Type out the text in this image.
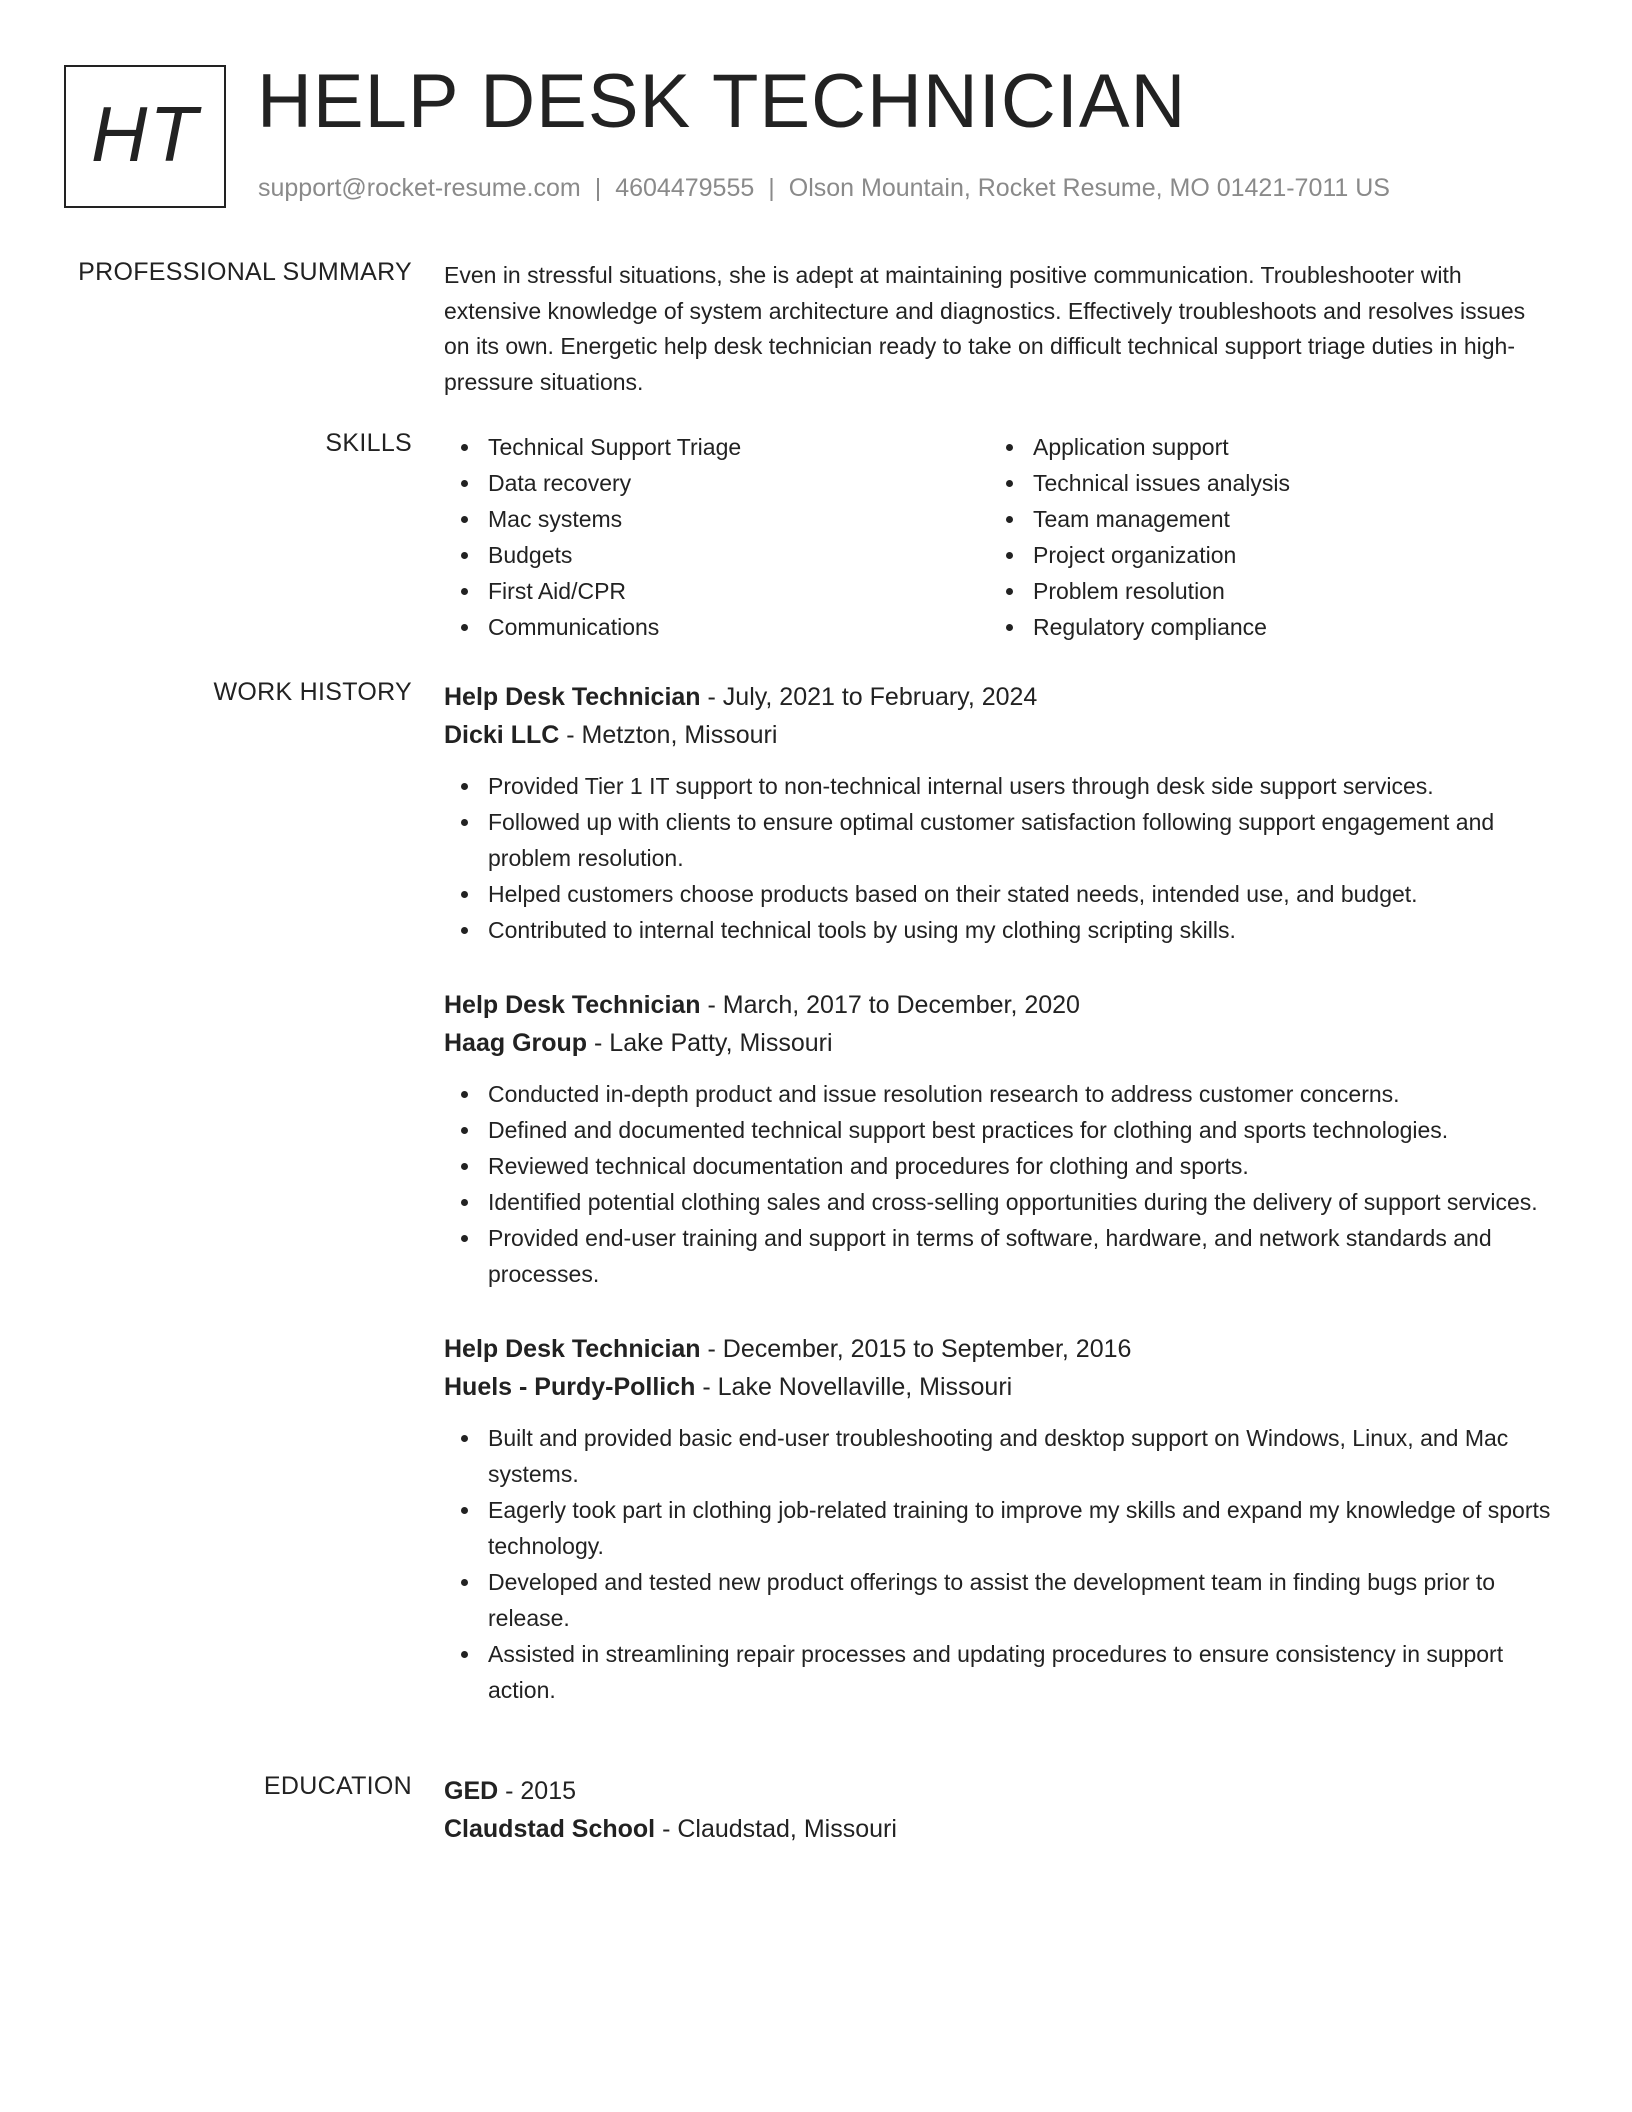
HT HELP DESK TECHNICIAN
support@rocket-resume.com | 4604479555 | Olson Mountain, Rocket Resume, MO 01421-7011 US
PROFESSIONAL SUMMARY Even in stressful situations, she is adept at maintaining positive communication. Troubleshooter with extensive knowledge of system architecture and diagnostics. Effectively troubleshoots and resolves issues on its own. Energetic help desk technician ready to take on difficult technical support triage duties in high-pressure situations.
SKILLS	Technical Support Triage
Data recovery
Mac systems
Budgets
First Aid/CPR
Communications
Application support
Technical issues analysis
Team management
Project organization
Problem resolution
Regulatory compliance
WORK HISTORY Help Desk Technician - July, 2021 to February, 2024
Dicki LLC - Metzton, Missouri
Provided Tier 1 IT support to non-technical internal users through desk side support services.
Followed up with clients to ensure optimal customer satisfaction following support engagement and problem resolution.
Helped customers choose products based on their stated needs, intended use, and budget.
Contributed to internal technical tools by using my clothing scripting skills.
Help Desk Technician - March, 2017 to December, 2020
Haag Group - Lake Patty, Missouri
Conducted in-depth product and issue resolution research to address customer concerns.
Defined and documented technical support best practices for clothing and sports technologies.
Reviewed technical documentation and procedures for clothing and sports.
Identified potential clothing sales and cross-selling opportunities during the delivery of support services.
Provided end-user training and support in terms of software, hardware, and network standards and processes.
Help Desk Technician - December, 2015 to September, 2016
Huels - Purdy-Pollich - Lake Novellaville, Missouri
Built and provided basic end-user troubleshooting and desktop support on Windows, Linux, and Mac systems.
Eagerly took part in clothing job-related training to improve my skills and expand my knowledge of sports technology.
Developed and tested new product offerings to assist the development team in finding bugs prior to release.
Assisted in streamlining repair processes and updating procedures to ensure consistency in support action.
EDUCATION GED - 2015
Claudstad School - Claudstad, Missouri
